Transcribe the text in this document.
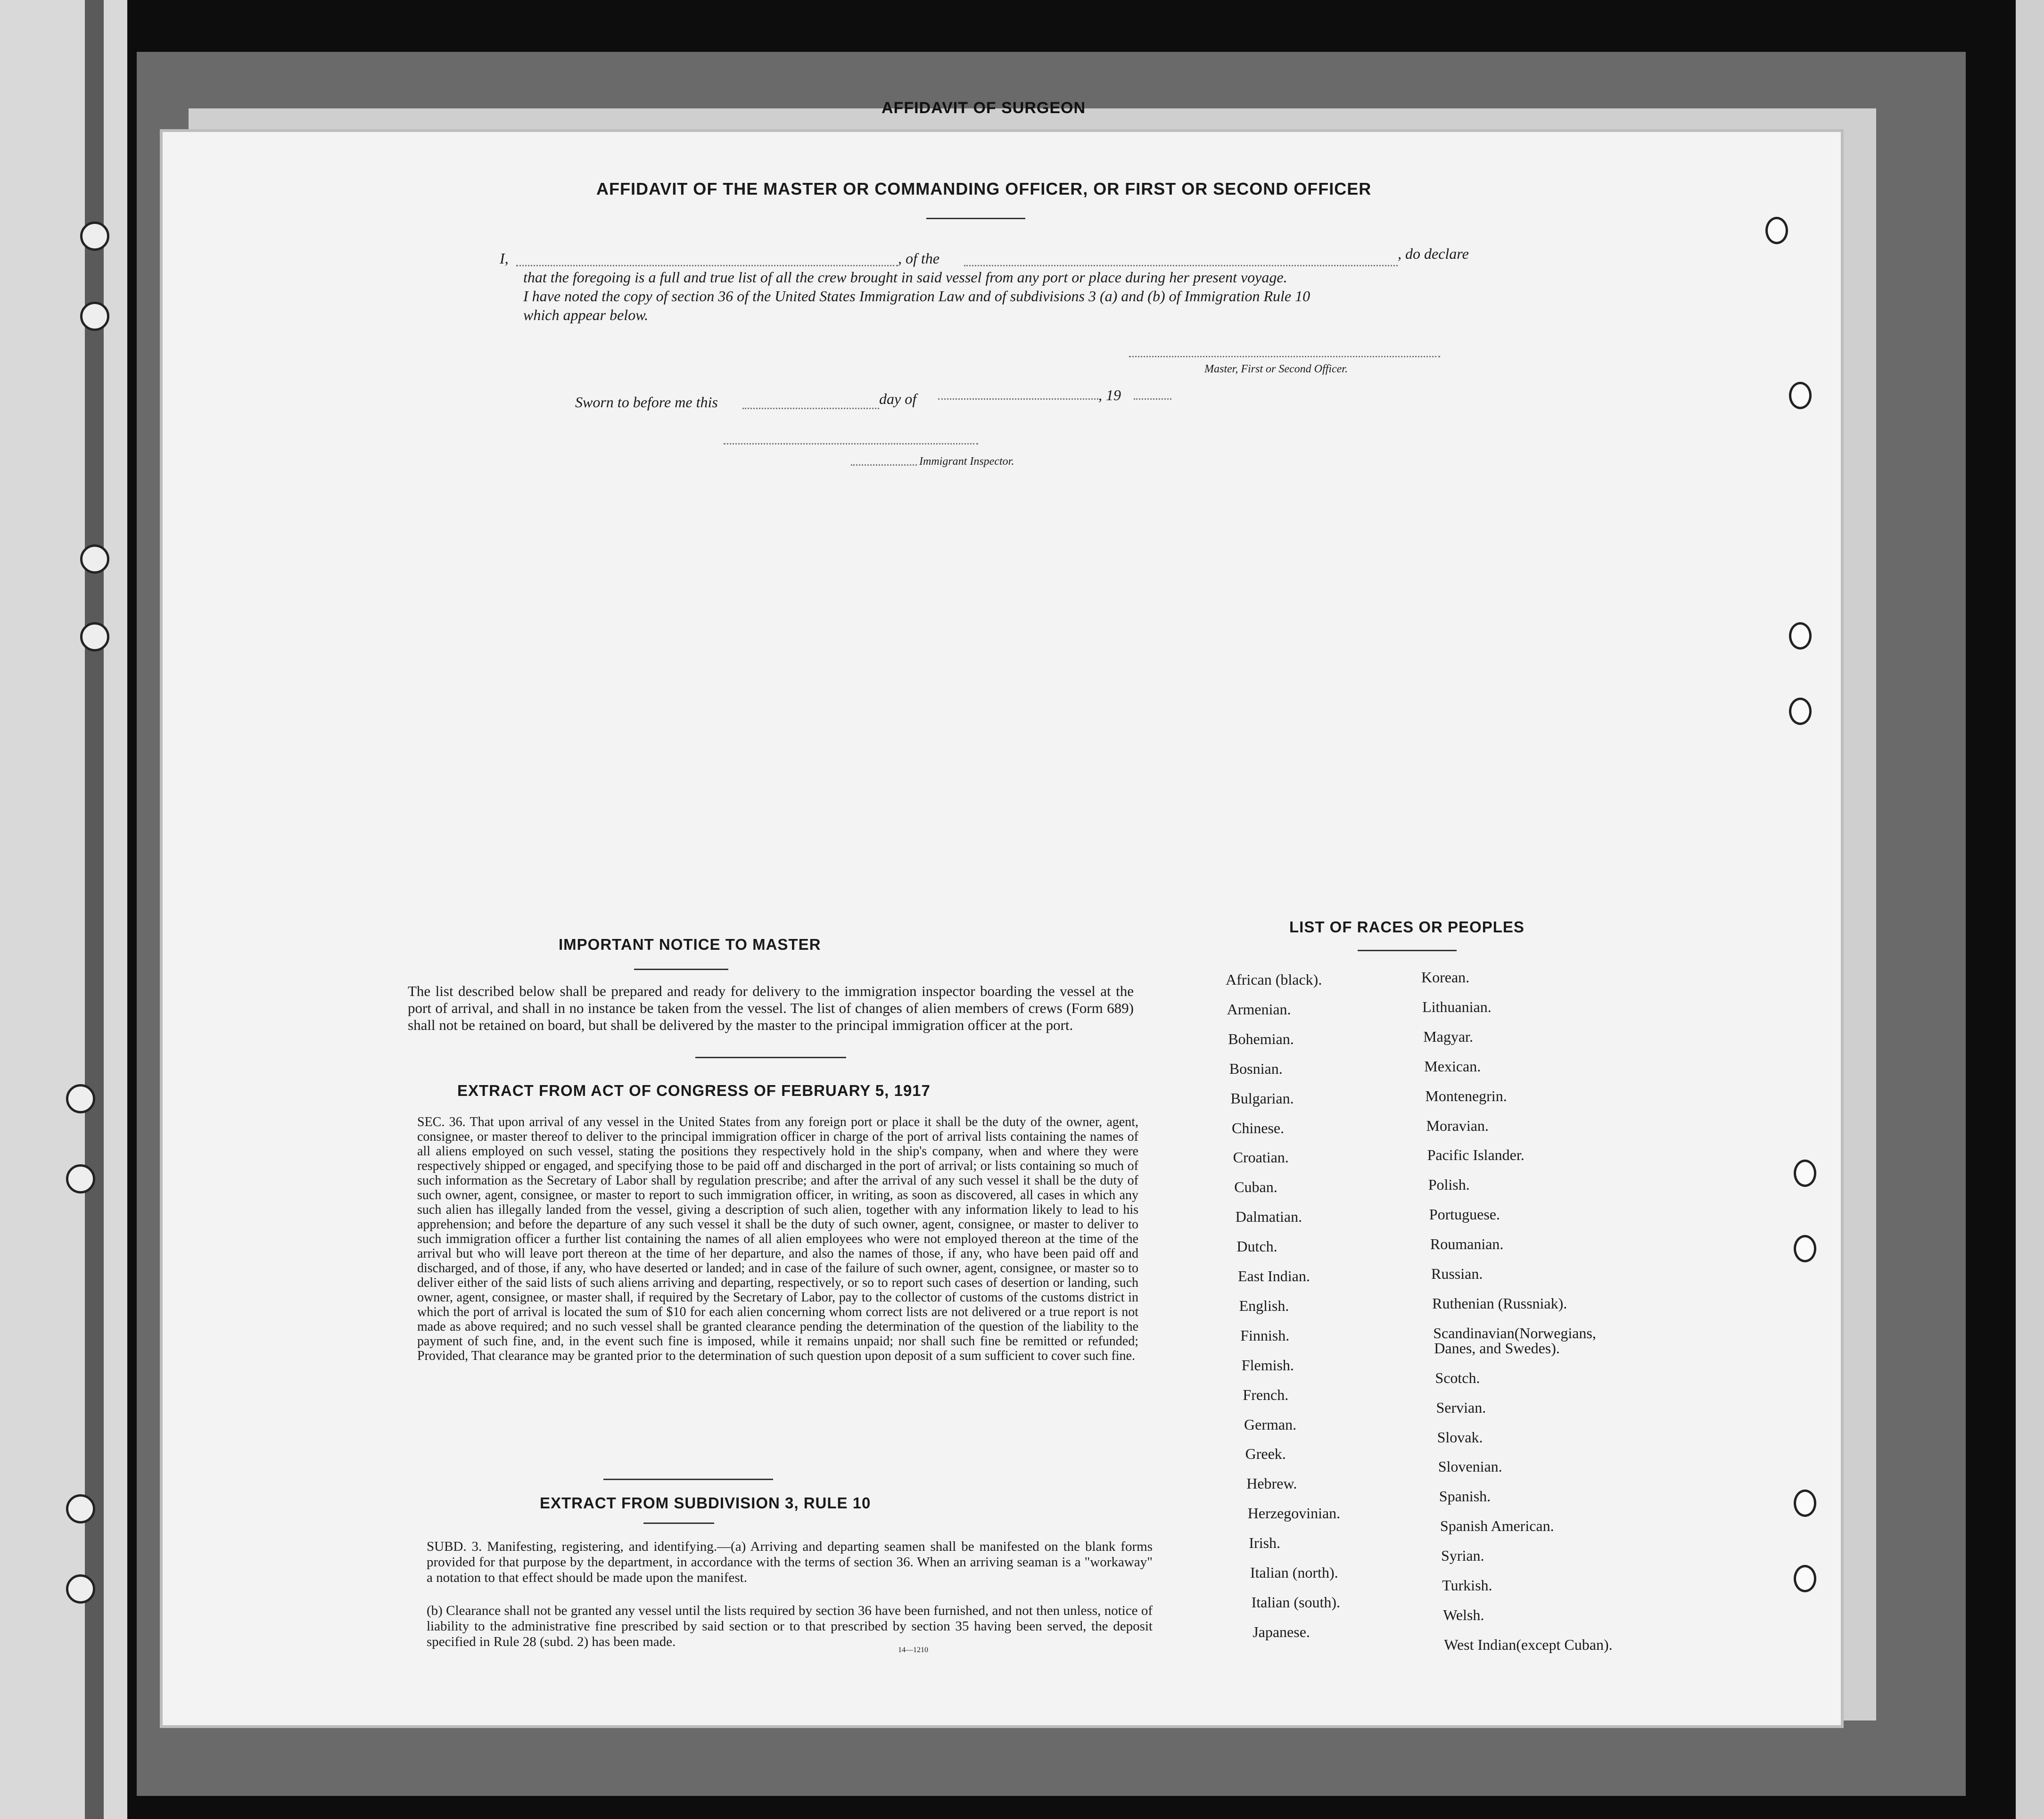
AFFIDAVIT OF SURGEON
AFFIDAVIT OF THE MASTER OR COMMANDING OFFICER, OR FIRST OR SECOND OFFICER
I,	, of the	, do declare
that the foregoing is a full and true list of all the crew brought in said vessel from any port or place during her present voyage.
I have noted the copy of section 36 of the United States Immigration Law and of subdivisions 3 (a) and (b) of Immigration Rule 10
which appear below.
Master, First or Second Officer.
Sworn to before me this	day of	, 19
Immigrant Inspector.
IMPORTANT NOTICE TO MASTER
The list described below shall be prepared and ready for delivery to the immigration inspector boarding the vessel at the port of arrival, and shall in no instance be taken from the vessel. The list of changes of alien members of crews (Form 689) shall not be retained on board, but shall be delivered by the master to the principal immigration officer at the port.
EXTRACT FROM ACT OF CONGRESS OF FEBRUARY 5, 1917
SEC. 36. That upon arrival of any vessel in the United States from any foreign port or place it shall be the duty of the owner, agent, consignee, or master thereof to deliver to the principal immigration officer in charge of the port of arrival lists containing the names of all aliens employed on such vessel, stating the positions they respectively hold in the ship's company, when and where they were respectively shipped or engaged, and specifying those to be paid off and discharged in the port of arrival; or lists containing so much of such information as the Secretary of Labor shall by regulation prescribe; and after the arrival of any such vessel it shall be the duty of such owner, agent, consignee, or master to report to such immigration officer, in writing, as soon as discovered, all cases in which any such alien has illegally landed from the vessel, giving a description of such alien, together with any information likely to lead to his apprehension; and before the departure of any such vessel it shall be the duty of such owner, agent, consignee, or master to deliver to such immigration officer a further list containing the names of all alien employees who were not employed thereon at the time of the arrival but who will leave port thereon at the time of her departure, and also the names of those, if any, who have been paid off and discharged, and of those, if any, who have deserted or landed; and in case of the failure of such owner, agent, consignee, or master so to deliver either of the said lists of such aliens arriving and departing, respectively, or so to report such cases of desertion or landing, such owner, agent, consignee, or master shall, if required by the Secretary of Labor, pay to the collector of customs of the customs district in which the port of arrival is located the sum of $10 for each alien concerning whom correct lists are not delivered or a true report is not made as above required; and no such vessel shall be granted clearance pending the determination of the question of the liability to the payment of such fine, and, in the event such fine is imposed, while it remains unpaid; nor shall such fine be remitted or refunded; Provided, That clearance may be granted prior to the determination of such question upon deposit of a sum sufficient to cover such fine.
EXTRACT FROM SUBDIVISION 3, RULE 10
SUBD. 3. Manifesting, registering, and identifying.—(a) Arriving and departing seamen shall be manifested on the blank forms provided for that purpose by the department, in accordance with the terms of section 36. When an arriving seaman is a "workaway" a notation to that effect should be made upon the manifest.
(b) Clearance shall not be granted any vessel until the lists required by section 36 have been furnished, and not then unless, notice of liability to the administrative fine prescribed by said section or to that prescribed by section 35 having been served, the deposit specified in Rule 28 (subd. 2) has been made.
14—1210
LIST OF RACES OR PEOPLES
African (black).
Armenian.
Bohemian.
Bosnian.
Bulgarian.
Chinese.
Croatian.
Cuban.
Dalmatian.
Dutch.
East Indian.
English.
Finnish.
Flemish.
French.
German.
Greek.
Hebrew.
Herzegovinian.
Irish.
Italian (north).
Italian (south).
Japanese.
Korean.
Lithuanian.
Magyar.
Mexican.
Montenegrin.
Moravian.
Pacific Islander.
Polish.
Portuguese.
Roumanian.
Russian.
Ruthenian (Russniak).
Scandinavian(Norwegians,
Danes, and Swedes).
Scotch.
Servian.
Slovak.
Slovenian.
Spanish.
Spanish American.
Syrian.
Turkish.
Welsh.
West Indian(except Cuban).
